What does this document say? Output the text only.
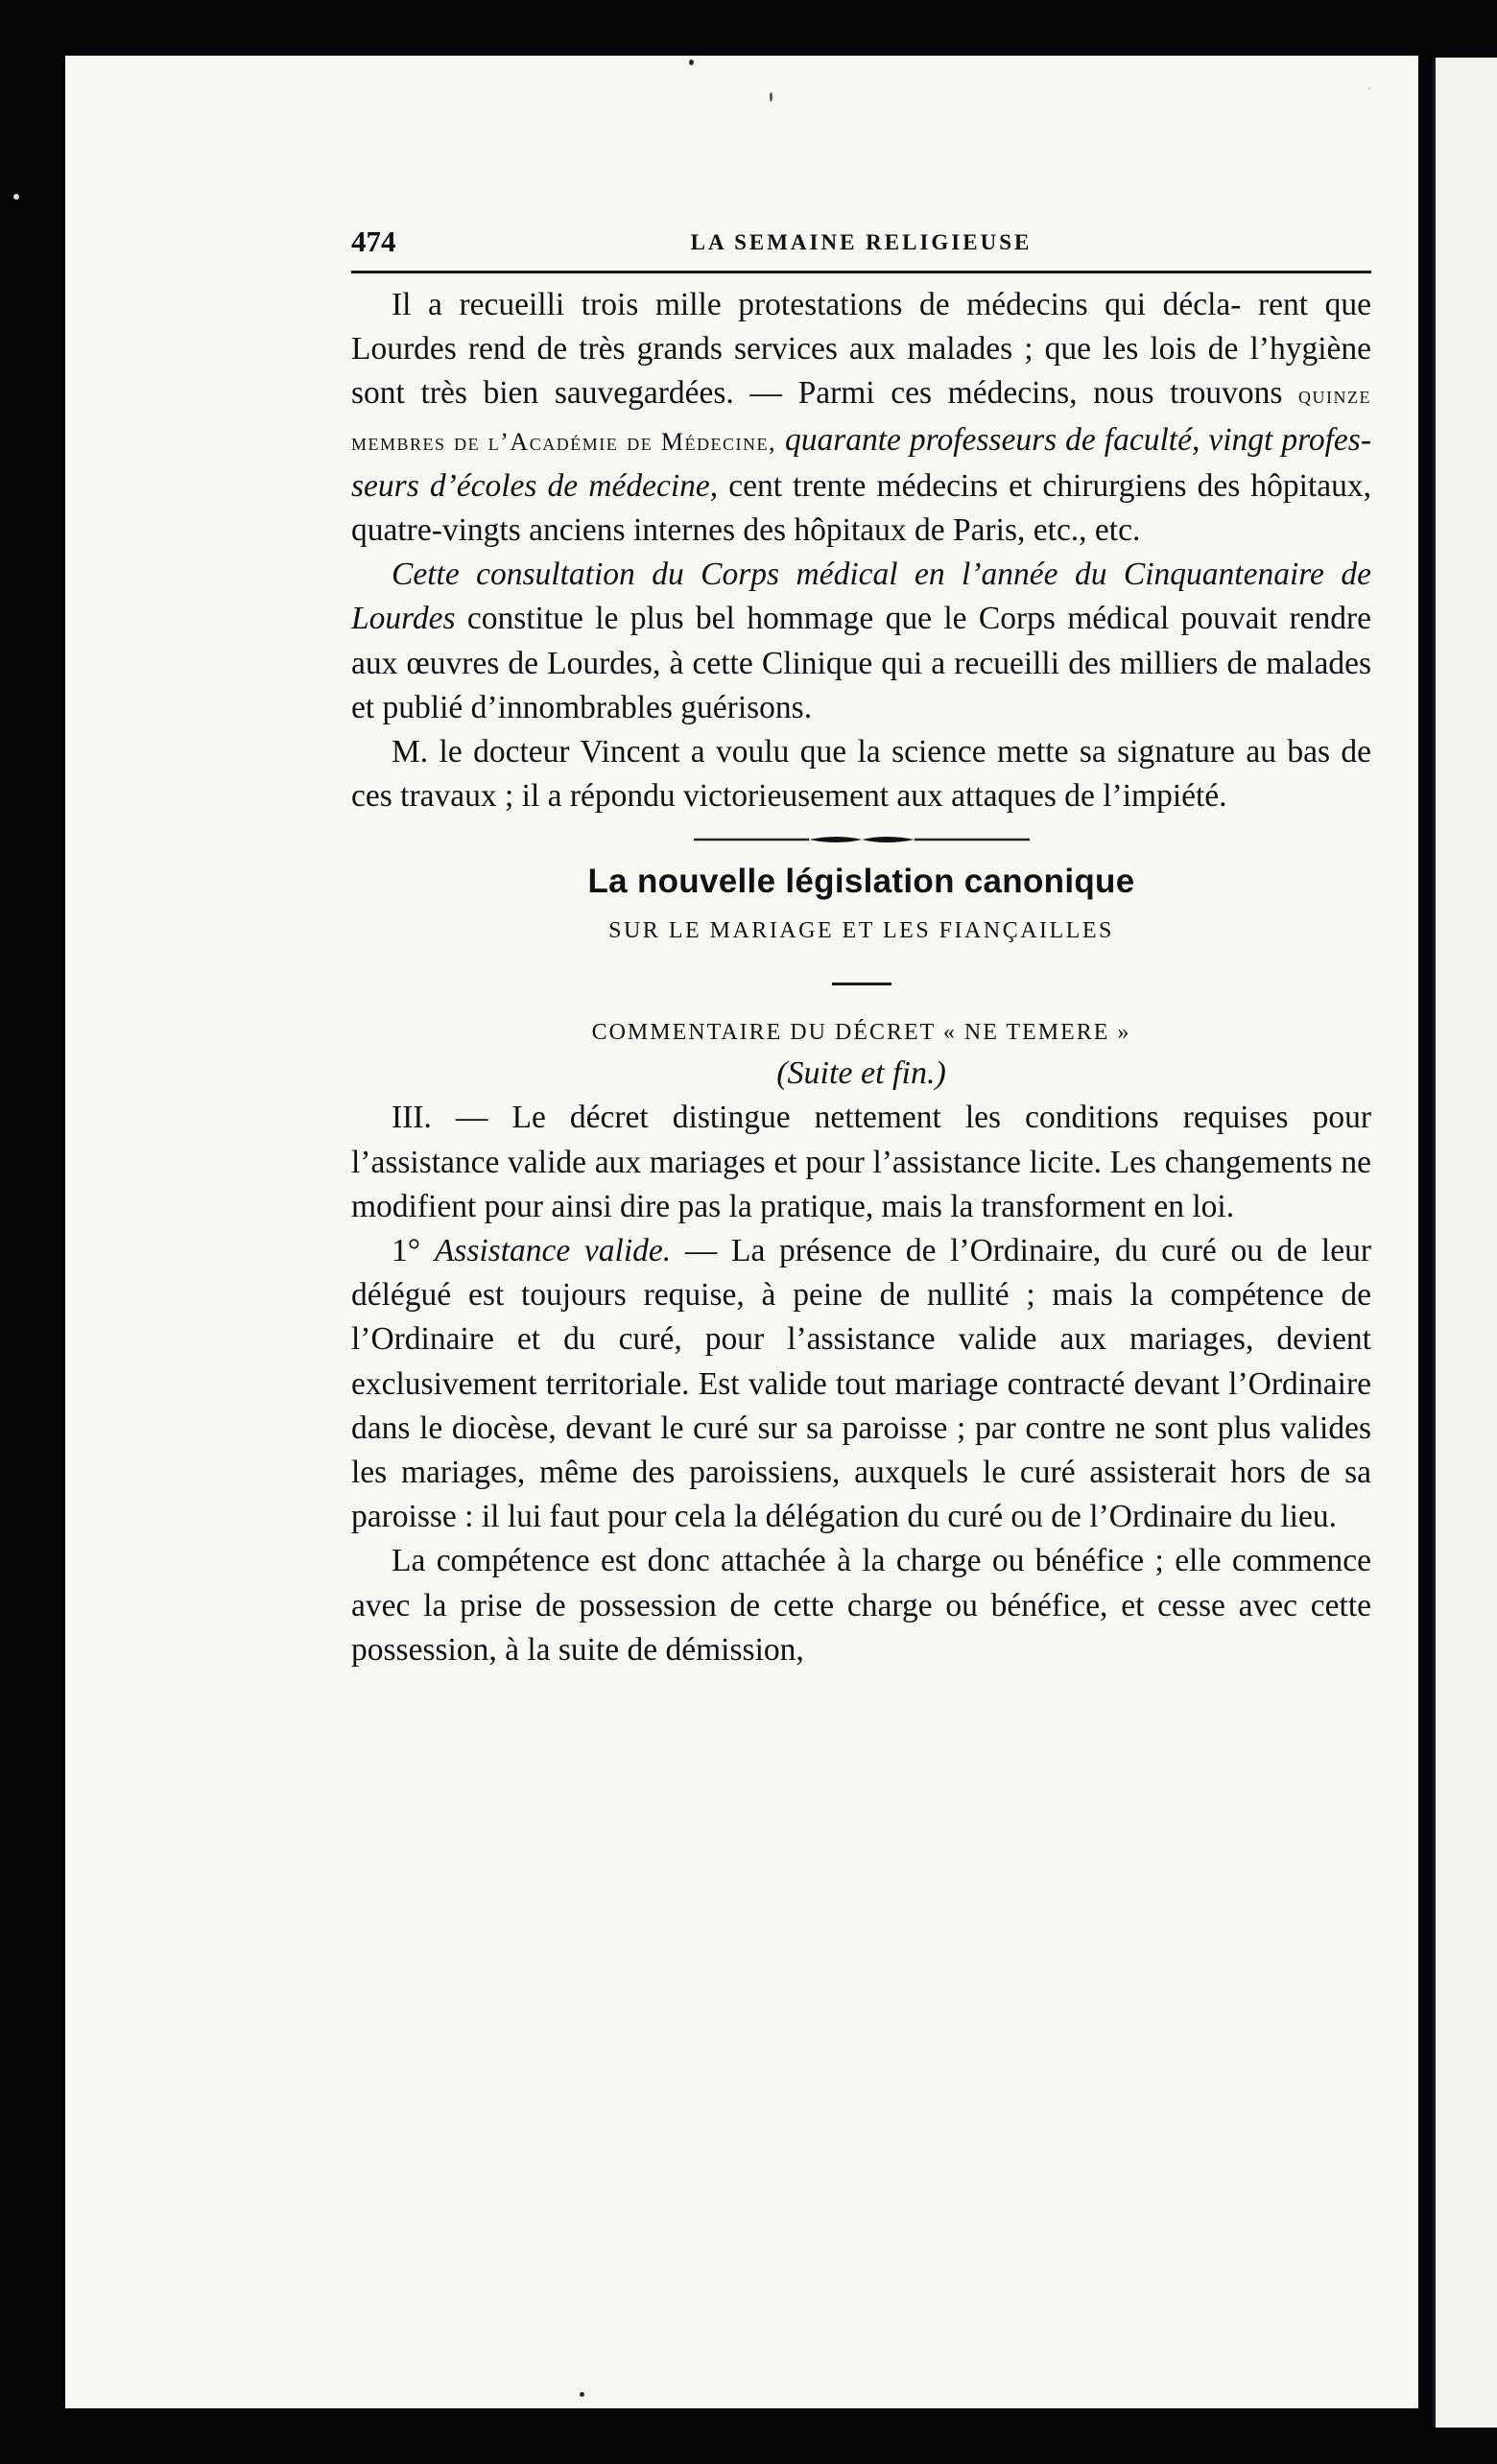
474	LA SEMAINE RELIGIEUSE

Il a recueilli trois mille protestations de médecins qui décla- rent que Lourdes rend de très grands services aux malades ; que les lois de l’hygiène sont très bien sauvegardées. — Parmi ces médecins, nous trouvons quinze membres de l’Académie de Médecine, quarante professeurs de faculté, vingt profes- seurs d’écoles de médecine, cent trente médecins et chirurgiens des hôpitaux, quatre-vingts anciens internes des hôpitaux de Paris, etc., etc.

Cette consultation du Corps médical en l’année du Cinquantenaire de Lourdes constitue le plus bel hommage que le Corps médical pouvait rendre aux œuvres de Lourdes, à cette Clinique qui a recueilli des milliers de malades et publié d’innombrables guérisons.

M. le docteur Vincent a voulu que la science mette sa signature au bas de ces travaux ; il a répondu victorieusement aux attaques de l’impiété.

La nouvelle législation canonique
SUR LE MARIAGE ET LES FIANÇAILLES
COMMENTAIRE DU DÉCRET « NE TEMERE »
(Suite et fin.)

III. — Le décret distingue nettement les conditions requises pour l’assistance valide aux mariages et pour l’assistance licite. Les changements ne modifient pour ainsi dire pas la pratique, mais la transforment en loi.

1° Assistance valide. — La présence de l’Ordinaire, du curé ou de leur délégué est toujours requise, à peine de nullité ; mais la compétence de l’Ordinaire et du curé, pour l’assistance valide aux mariages, devient exclusivement territoriale. Est valide tout mariage contracté devant l’Ordinaire dans le diocèse, devant le curé sur sa paroisse ; par contre ne sont plus valides les mariages, même des paroissiens, auxquels le curé assisterait hors de sa paroisse : il lui faut pour cela la délégation du curé ou de l’Ordinaire du lieu.

La compétence est donc attachée à la charge ou bénéfice ; elle commence avec la prise de possession de cette charge ou bénéfice, et cesse avec cette possession, à la suite de démission,
